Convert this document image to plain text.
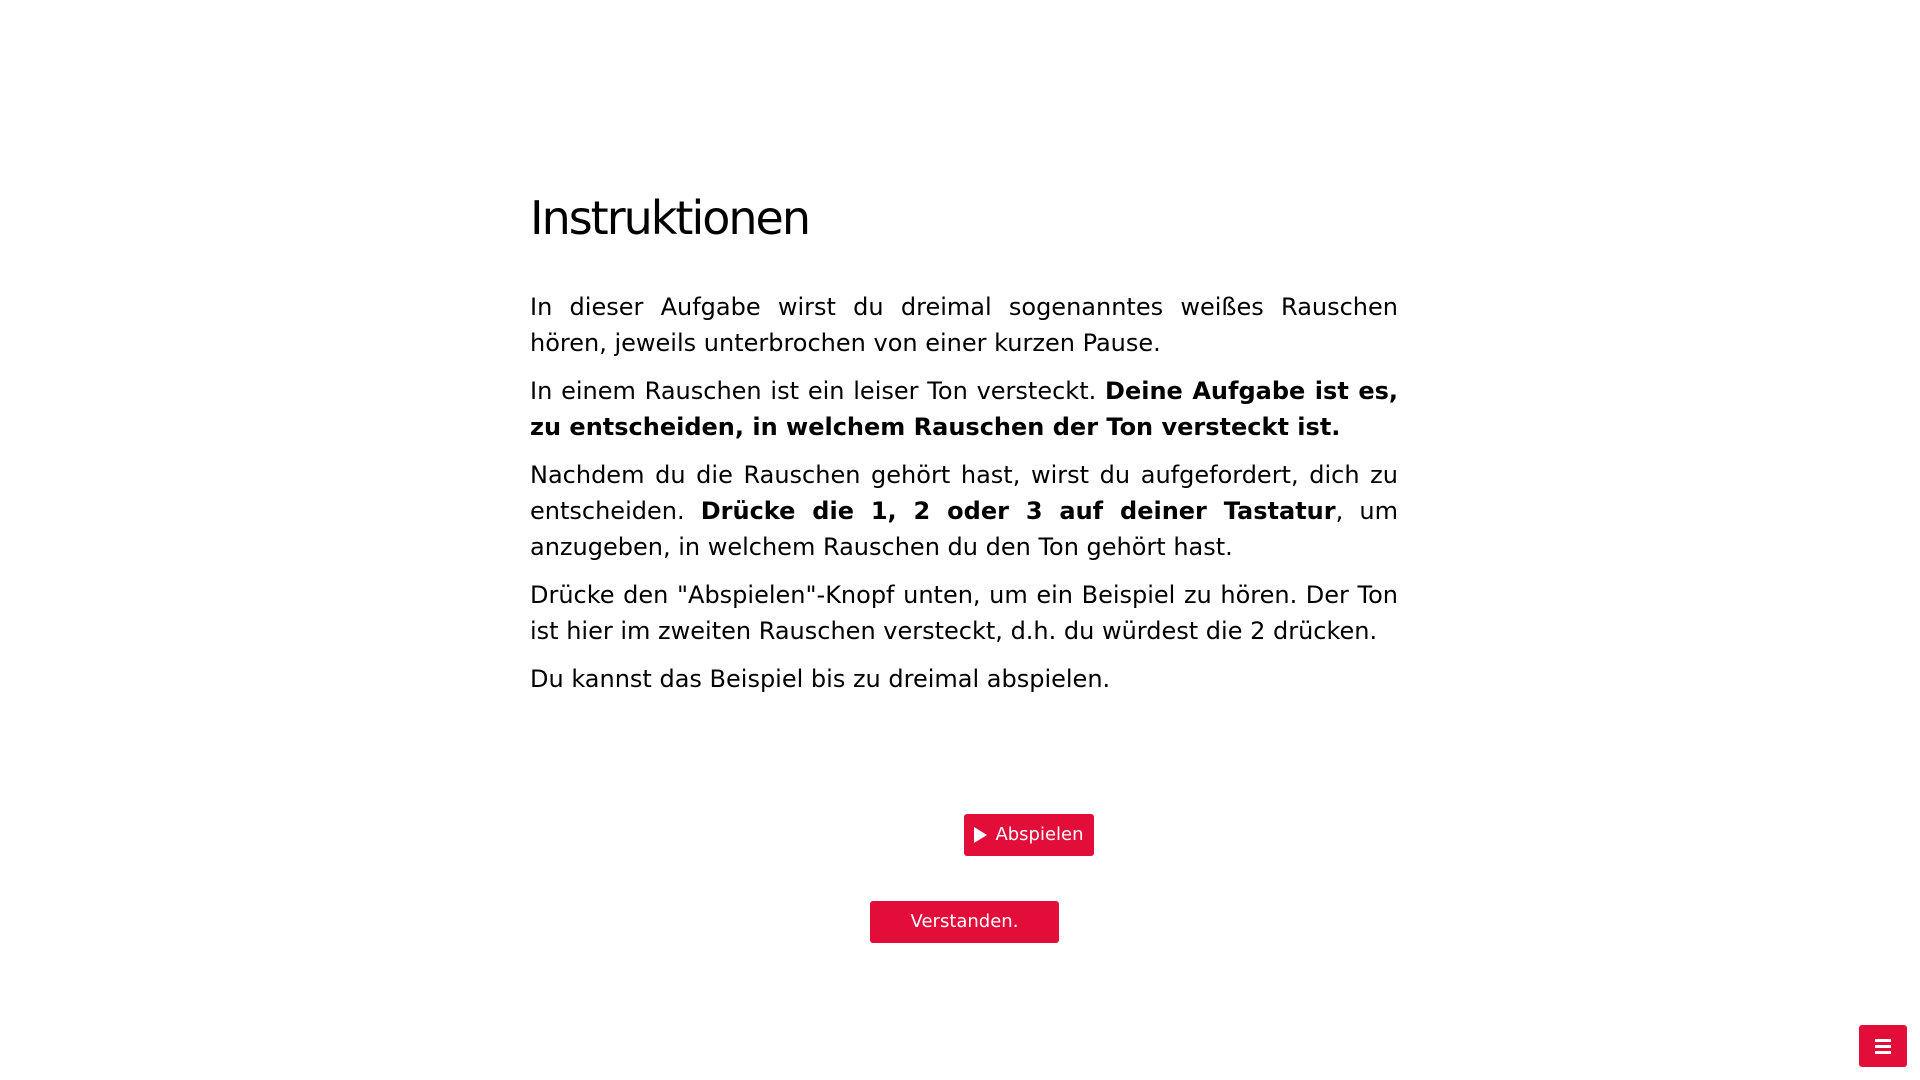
Instruktionen

In dieser Aufgabe wirst du dreimal sogenanntes weißes Rauschen hören, jeweils unterbrochen von einer kurzen Pause.

In einem Rauschen ist ein leiser Ton versteckt. Deine Aufgabe ist es, zu entscheiden, in welchem Rauschen der Ton versteckt ist.

Nachdem du die Rauschen gehört hast, wirst du aufgefordert, dich zu entscheiden. Drücke die 1, 2 oder 3 auf deiner Tastatur, um anzugeben, in welchem Rauschen du den Ton gehört hast.

Drücke den "Abspielen"-Knopf unten, um ein Beispiel zu hören. Der Ton ist hier im zweiten Rauschen versteckt, d.h. du würdest die 2 drücken.

Du kannst das Beispiel bis zu dreimal abspielen.

Abspielen
Verstanden. Weiter
